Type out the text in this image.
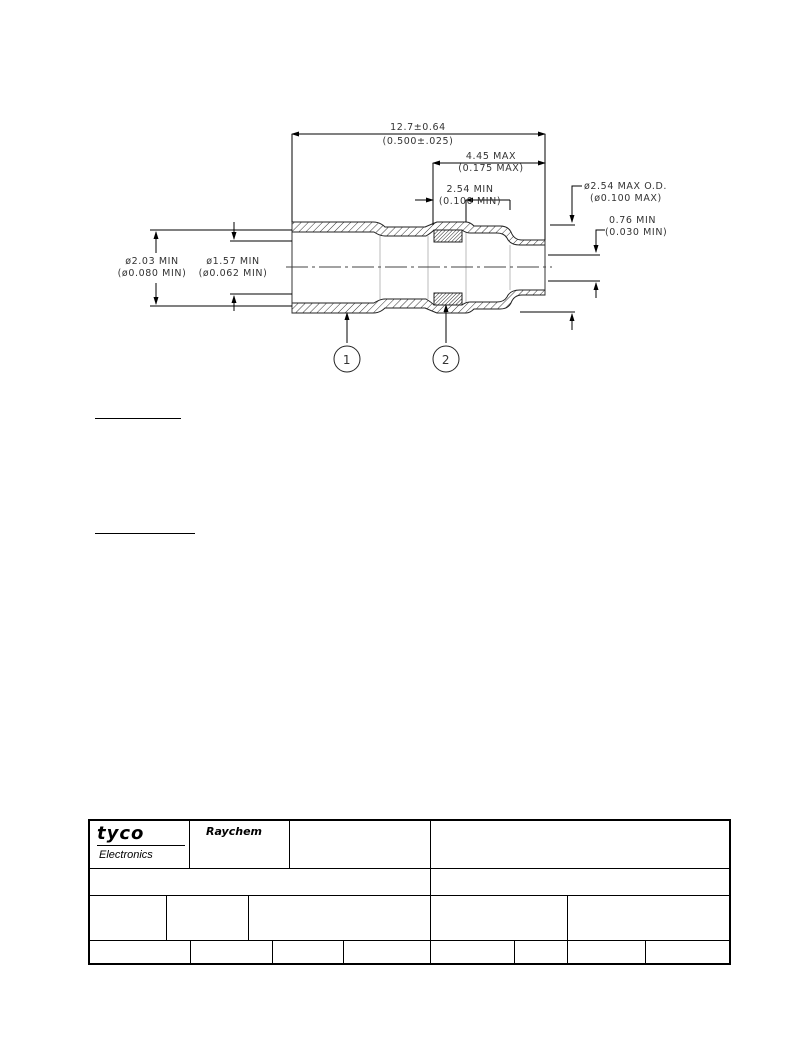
12.7±0.64
(0.500±.025)
4.45 MAX
(0.175 MAX)
2.54 MIN
(0.100 MIN)
ø2.54 MAX O.D.
(ø0.100 MAX)
0.76 MIN
(0.030 MIN)
ø2.03 MIN
(ø0.080 MIN)
ø1.57 MIN
(ø0.062 MIN)
1	2
tyco
Electronics
Raychem
